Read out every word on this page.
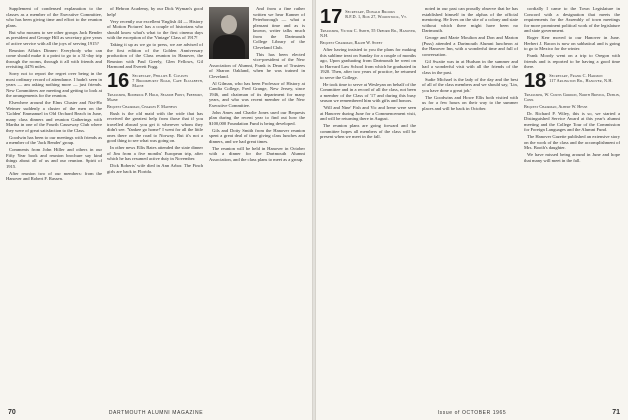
Supplement of condensed explanation to the classes as a member of the Executive Committee, who has been giving time and effort to the reunion plans.

But who mourns to see other groups Jack Bender as president and George Hill as secretary give years of active service with all the joys of serving 1915?

Reunion Affairs Dinner: Everybody who can come should make it a point to go to a 31-day trip through the rooms, through it all with friends and revisiting 4476 miles.

Sorry not to report the regret over being in the most ordinary record of attendance. I hadn't seen in years — am asking nothing more — just friends. New Committees are meeting and getting to look at the arrangements for the reunion.

Elsewhere around the Elms Cluster and Nat-Ho Weimer suddenly a cluster of the men on the 'Golden' Emmanuel in Old Orchard Beach in June, many class dinners and reunion Gatherings with Martha in one of the Fourth Causeway Club where they were of great satisfaction to the Class.

Goodwin has been to our meetings with friends as a member of the 'Jack Bender' group.

Comments from John Hiller and others in our Fifty Year book and reunion brochure say kind things about all of us and our reunion. Spirit of 1915.

After reunion two of our members: from the Hanover and Robert F. Rassen.

of Hebron Academy, by our Dick Wyman's good help!

Very recently our excellent 'English 44 — History of Motion Pictures' has a couple of historians who should know what's what to the first cinema days with the exception of the 'Vintage' Class of 1917!

Taking it up as we go to press, we are advised of the first edition of the Golden Anniversary production of the Class reunion in Hanover, the Reunion with Paul Greely, Glen Fellows, Gil Harmond and Everett Fogg.

16 Secretary, Phillips E. Cleaves
7 Brookhurst Road, Cape Elizabeth, Maine
Treasurer, Roderick P. Hold, Seaside Point, Freeport, Maine
Bequest Chairman, Charles F. Mathews

Rush is the old maid with the wide that has received the greatest help from those that if you travelled abroad you get it wherever whom they didn't see. 'Yankee go home!' I went for all the little ones there on the road to Norway. But it's not a good thing to see what was going on.

In other news Ellis Bates attended the state dinner of Jim from a five months' European trip, after which he has resumed active duty in November.

Dick Roberts' wife died in Ann Arbor. The Finch girls are back in Florida.

And from a fine rather written we hear Kanner of Peterborough — what a pleasant time and as is known, writer talks much from the Dartmouth College Library of the Cleveland Club.

This has been elected vice-president of the New Association of Alumni, Frank is Dean of Trustees of Sharon Oakland, when he was trained in Cleveland.

Al Gilman, who has been Professor of History at Candia College, Fred Grange, New Jersey, since 1946, and chairman of its department for many years, and who was recent member of the New Executive Committee.

John Ames and Charlie Jones used our Bequests plan during the recent year to find out how the $100,000 Foundation Fund is being developed.

Gils and Dotty Smith from the Hanover reunion spent a great deal of time giving class lunches and dinners, and we had great times.

The reunion will be held in Hanover in October with a dinner for the Dartmouth Alumni Association, and the class plans to meet as a group.

70	DARTMOUTH ALUMNI MAGAZINE
17 Secretary, Donald Brooks
R.F.D. 1, Box 27, Woodstock, Vt.
Treasurer, Victor C. Smith, 55 Orford Rd., Hanover, N.H.
Bequest Chairman, Ralph W. Sweet

After having insisted to you the plans for making this sublime treat on Sunday for a couple of months ago, Upon graduating from Dartmouth he went on to Harvard Law School from which he graduated in 1920. Then, after two years of practice, he returned to serve the College.

He took time to serve at Wesleyan on behalf of the Committee and in a record of all the class, not been a member of the Class of '17 and during this busy season we remembered him with gifts and honors.

'Will and Nine' Fish and Vic and Irene were seen at Hanover during June for a Commencement visit, and will be returning there in August.

The reunion plans are going forward and the committee hopes all members of the class will be present when we meet in the fall.

noted in our past can proudly observe that he has established himself in the alphas of the official mentoring. He lives on the site of a colony and state without which there might have been no Dartmouth.

George and Marie Moulton and Don and Marion (Puss) attended a Dartmouth Alumni luncheon at the Hanover Inn, with a wonderful time and full of conversation.

Gil Swaite was in at Hudson in the summer and had a wonderful visit with all the friends of the class in the past.

Sudie Michael is the lady of the day and the best of all of the class members and we should say, 'Lin, you have done a great job.'

The Goodwins and Howe Ellis both visited with us for a few hours on their way to the summer places and will be back in October.

cordially I came to the Town Legislature in Concord with a designation that meets the requirements for the Assembly of town meetings for more prominent political work of the legislature and state government.

Roger Kerr moved to our Hanover in June. Herbert J. Bacon is now on sabbatical and is going to go to Mexico for the winter.

Frank Moody went on a trip to Oregon with friends and is reported to be having a good time there.

18 Secretary, Frank C. Harmon
117 Arlington Rd., Hanover, N.H.
Treasurer, W. Curtis Gordon, North Bristol, Dublin, Conn.
Bequest Chairman, Albert W. Hesse

Dr. Richard P. Wiley, this is so, we started a Distinguished Service Award at this year's alumni meeting and the College Tour of the Commission for Foreign Languages and the Alumni Fund.

The Hanover Gazette published an extensive story on the work of the class and the accomplishment of Mrs. Booth's daughter.

We have missed being around in June and hope that many will meet in the fall.

Issue of OCTOBER 1965	71
